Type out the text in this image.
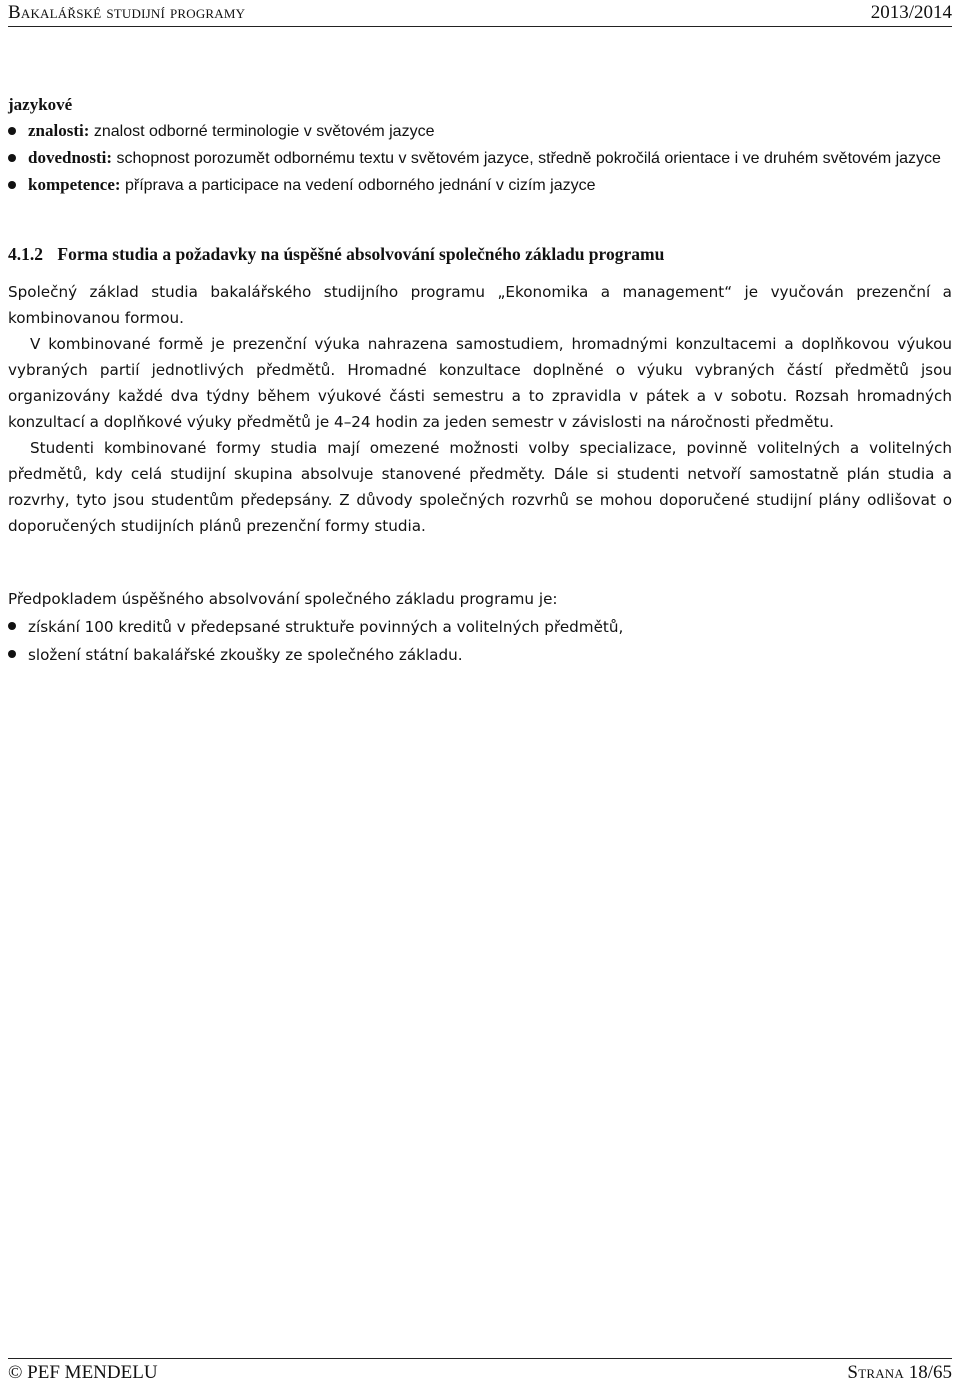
Bakalářské studijní programy	2013/2014

jazykové

znalosti: znalost odborné terminologie v světovém jazyce
dovednosti: schopnost porozumět odbornému textu v světovém jazyce, středně pokročilá orientace i ve druhém světovém jazyce
kompetence: příprava a participace na vedení odborného jednání v cizím jazyce
4.1.2 Forma studia a požadavky na úspěšné absolvování společného základu programu

Společný základ studia bakalářského studijního programu „Ekonomika a management“ je vyučován prezenční a kombinovanou formou.

V kombinované formě je prezenční výuka nahrazena samostudiem, hromadnými konzultacemi a doplňkovou výukou vybraných partií jednotlivých předmětů. Hromadné konzultace doplněné o výuku vybraných částí předmětů jsou organizovány každé dva týdny během výukové části semestru a to zpravidla v pátek a v sobotu. Rozsah hromadných konzultací a doplňkové výuky předmětů je 4–24 hodin za jeden semestr v závislosti na náročnosti předmětu.

Studenti kombinované formy studia mají omezené možnosti volby specializace, povinně volitelných a volitelných předmětů, kdy celá studijní skupina absolvuje stanovené předměty. Dále si studenti netvoří samostatně plán studia a rozvrhy, tyto jsou studentům předepsány. Z důvody společných rozvrhů se mohou doporučené studijní plány odlišovat o doporučených studijních plánů prezenční formy studia.

Předpokladem úspěšného absolvování společného základu programu je:

získání 100 kreditů v předepsané struktuře povinných a volitelných předmětů,
složení státní bakalářské zkoušky ze společného základu.
© PEF MENDELU	Strana 18/65
